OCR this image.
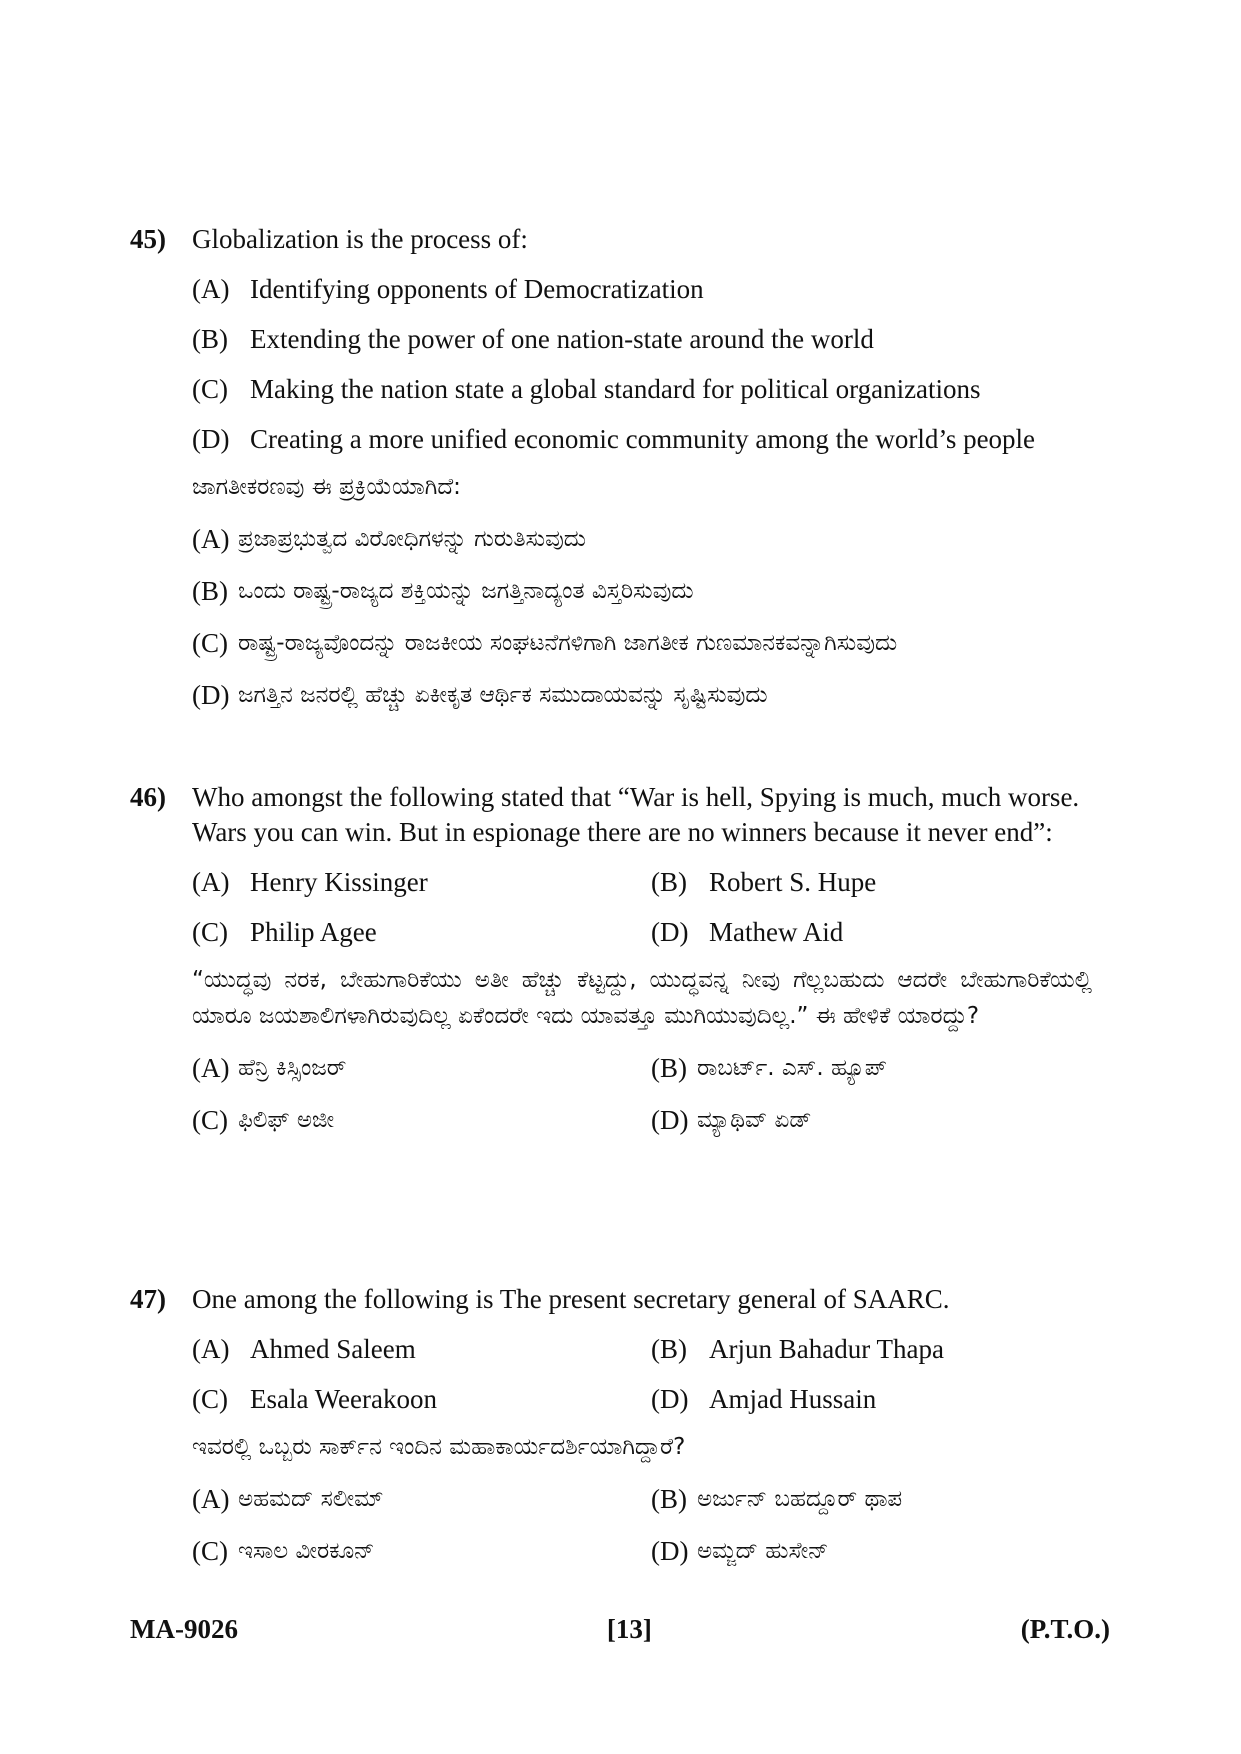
45) Globalization is the process of:
(A) Identifying opponents of Democratization
(B) Extending the power of one nation-state around the world
(C) Making the nation state a global standard for political organizations
(D) Creating a more unified economic community among the world’s people
ಜಾಗತೀಕರಣವು ಈ ಪ್ರಕ್ರಿಯೆಯಾಗಿದೆ:
(A) ಪ್ರಜಾಪ್ರಭುತ್ವದ ವಿರೋಧಿಗಳನ್ನು ಗುರುತಿಸುವುದು
(B) ಒಂದು ರಾಷ್ಟ್ರ-ರಾಜ್ಯದ ಶಕ್ತಿಯನ್ನು ಜಗತ್ತಿನಾದ್ಯಂತ ವಿಸ್ತರಿಸುವುದು
(C) ರಾಷ್ಟ್ರ-ರಾಜ್ಯವೊಂದನ್ನು ರಾಜಕೀಯ ಸಂಘಟನೆಗಳಿಗಾಗಿ ಜಾಗತೀಕ ಗುಣಮಾನಕವನ್ನಾಗಿಸುವುದು
(D) ಜಗತ್ತಿನ ಜನರಲ್ಲಿ ಹೆಚ್ಚು ಏಕೀಕೃತ ಆರ್ಥಿಕ ಸಮುದಾಯವನ್ನು ಸೃಷ್ಟಿಸುವುದು
46) Who amongst the following stated that “War is hell, Spying is much, much worse. Wars you can win. But in espionage there are no winners because it never end”:
(A) Henry Kissinger	(B) Robert S. Hupe
(C) Philip Agee	(D) Mathew Aid
“ಯುದ್ಧವು ನರಕ, ಬೇಹುಗಾರಿಕೆಯು ಅತೀ ಹೆಚ್ಚು ಕೆಟ್ಟದ್ದು, ಯುದ್ಧವನ್ನ ನೀವು ಗೆಲ್ಲಬಹುದು ಆದರೇ ಬೇಹುಗಾರಿಕೆಯಲ್ಲಿ ಯಾರೂ ಜಯಶಾಲಿಗಳಾಗಿರುವುದಿಲ್ಲ ಏಕೆಂದರೇ ಇದು ಯಾವತ್ತೂ ಮುಗಿಯುವುದಿಲ್ಲ.” ಈ ಹೇಳಿಕೆ ಯಾರದ್ದು?
(A) ಹೆನ್ರಿ ಕಿಸ್ಸಿಂಜರ್	(B) ರಾಬರ್ಟ್. ಎಸ್. ಹ್ಯೂಪ್
(C) ಫಿಲಿಫ್ ಅಜೀ	(D) ಮ್ಯಾಥಿವ್ ಏಡ್
47) One among the following is The present secretary general of SAARC.
(A) Ahmed Saleem	(B) Arjun Bahadur Thapa
(C) Esala Weerakoon	(D) Amjad Hussain
ಇವರಲ್ಲಿ ಒಬ್ಬರು ಸಾರ್ಕ್‌ನ ಇಂದಿನ ಮಹಾಕಾರ್ಯದರ್ಶಿಯಾಗಿದ್ದಾರೆ?
(A) ಅಹಮದ್ ಸಲೀಮ್	(B) ಅರ್ಜುನ್ ಬಹದ್ದೂರ್ ಥಾಪ
(C) ಇಸಾಲ ವೀರಕೂನ್	(D) ಅಮ್ಜದ್ ಹುಸೇನ್
MA-9026	[13]	(P.T.O.)
